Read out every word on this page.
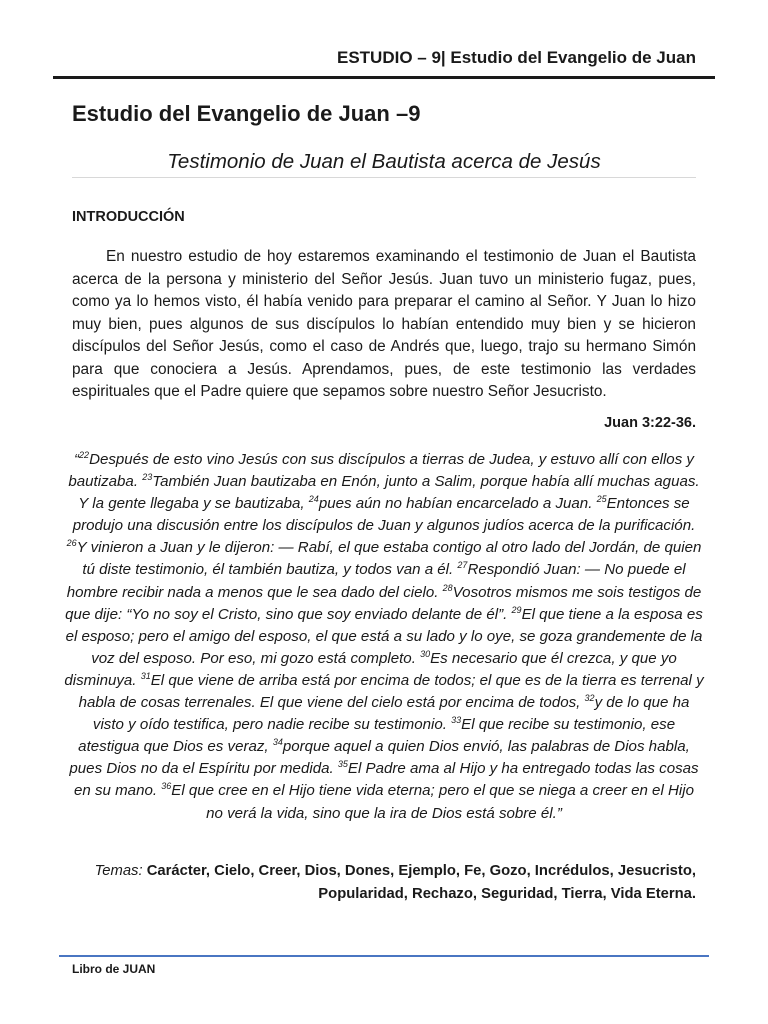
ESTUDIO – 9| Estudio del Evangelio de Juan
Estudio del Evangelio de Juan –9
Testimonio de Juan el Bautista acerca de Jesús
INTRODUCCIÓN

En nuestro estudio de hoy estaremos examinando el testimonio de Juan el Bautista acerca de la persona y ministerio del Señor Jesús. Juan tuvo un ministerio fugaz, pues, como ya lo hemos visto, él había venido para preparar el camino al Señor. Y Juan lo hizo muy bien, pues algunos de sus discípulos lo habían entendido muy bien y se hicieron discípulos del Señor Jesús, como el caso de Andrés que, luego, trajo su hermano Simón para que conociera a Jesús. Aprendamos, pues, de este testimonio las verdades espirituales que el Padre quiere que sepamos sobre nuestro Señor Jesucristo.

Juan 3:22-36.

“$^{22}$Después de esto vino Jesús con sus discípulos a tierras de Judea, y estuvo allí con ellos y bautizaba. $^{23}$También Juan bautizaba en Enón, junto a Salim, porque había allí muchas aguas. Y la gente llegaba y se bautizaba, $^{24}$pues aún no habían encarcelado a Juan. $^{25}$Entonces se produjo una discusión entre los discípulos de Juan y algunos judíos acerca de la purificación. $^{26}$Y vinieron a Juan y le dijeron: — Rabí, el que estaba contigo al otro lado del Jordán, de quien tú diste testimonio, él también bautiza, y todos van a él. $^{27}$Respondió Juan: — No puede el hombre recibir nada a menos que le sea dado del cielo. $^{28}$Vosotros mismos me sois testigos de que dije: “Yo no soy el Cristo, sino que soy enviado delante de él”. $^{29}$El que tiene a la esposa es el esposo; pero el amigo del esposo, el que está a su lado y lo oye, se goza grandemente de la voz del esposo. Por eso, mi gozo está completo. $^{30}$Es necesario que él crezca, y que yo disminuya. $^{31}$El que viene de arriba está por encima de todos; el que es de la tierra es terrenal y habla de cosas terrenales. El que viene del cielo está por encima de todos, $^{32}$y de lo que ha visto y oído testifica, pero nadie recibe su testimonio. $^{33}$El que recibe su testimonio, ese atestigua que Dios es veraz, $^{34}$porque aquel a quien Dios envió, las palabras de Dios habla, pues Dios no da el Espíritu por medida. $^{35}$El Padre ama al Hijo y ha entregado todas las cosas en su mano. $^{36}$El que cree en el Hijo tiene vida eterna; pero el que se niega a creer en el Hijo no verá la vida, sino que la ira de Dios está sobre él.”

Temas: Carácter, Cielo, Creer, Dios, Dones, Ejemplo, Fe, Gozo, Incrédulos, Jesucristo, Popularidad, Rechazo, Seguridad, Tierra, Vida Eterna.

Libro de JUAN
